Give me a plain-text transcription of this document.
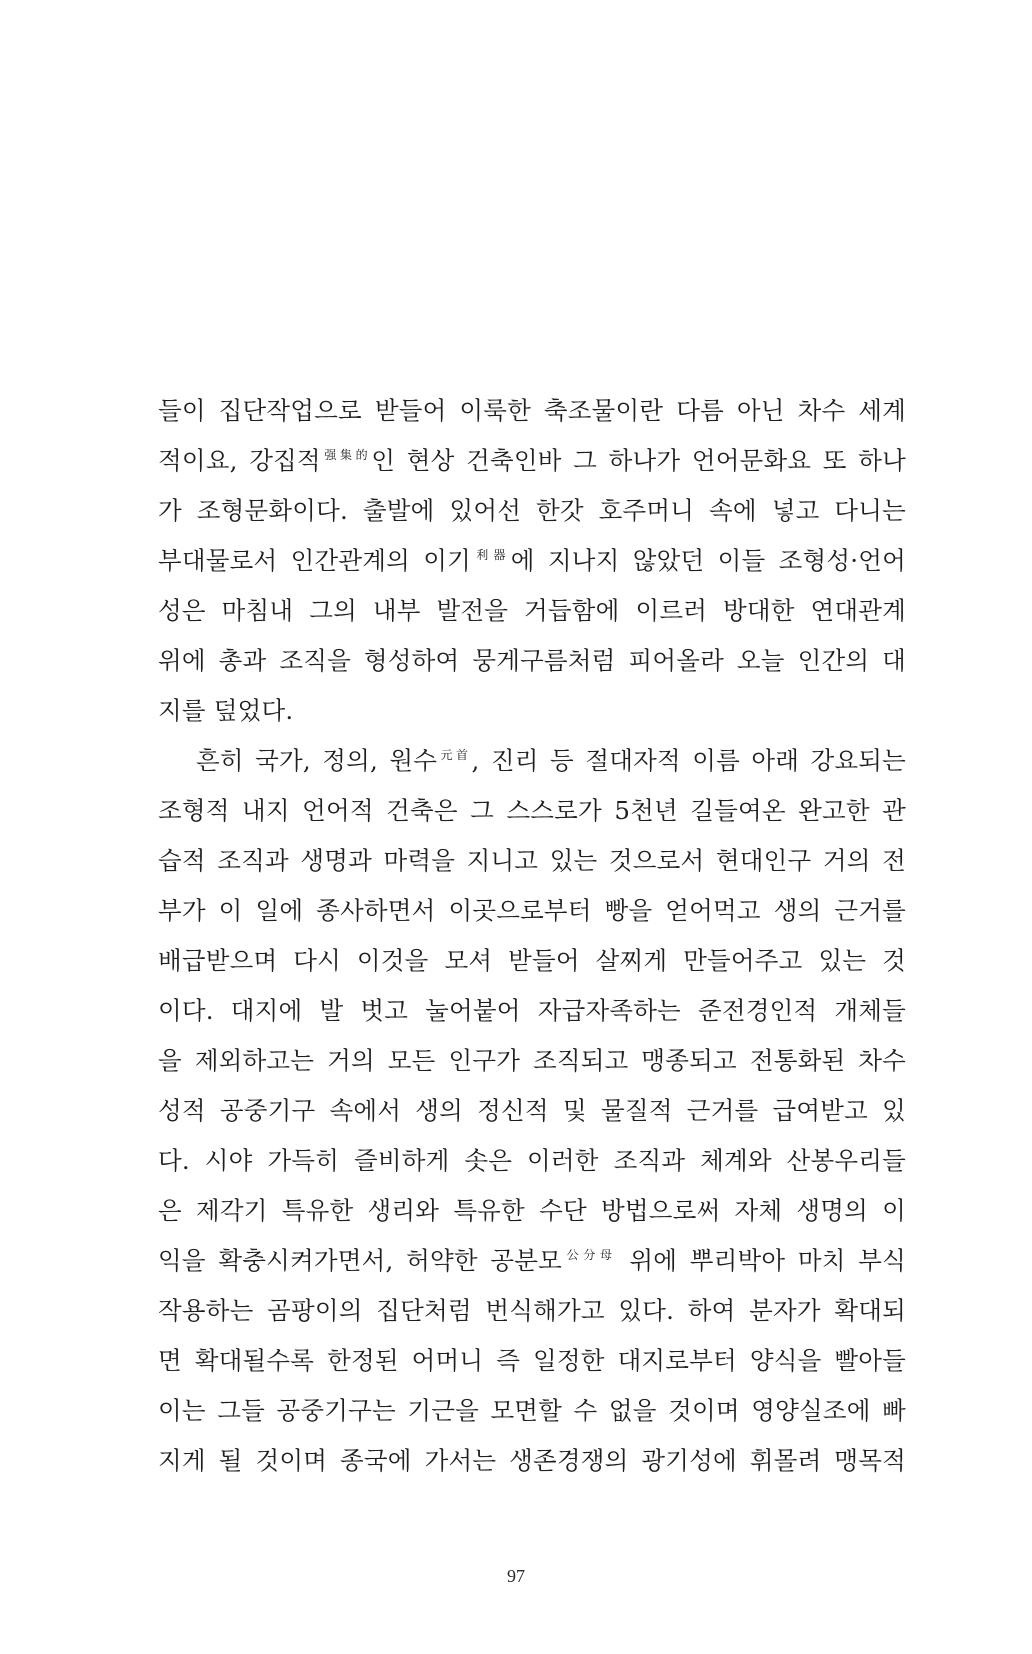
들이 집단작업으로 받들어 이룩한 축조물이란 다름 아닌 차수 세계
적이요, 강집적$^{强集的}$인 현상 건축인바 그 하나가 언어문화요 또 하나
가 조형문화이다. 출발에 있어선 한갓 호주머니 속에 넣고 다니는
부대물로서 인간관계의 이기$^{利器}$에 지나지 않았던 이들 조형성·언어
성은 마침내 그의 내부 발전을 거듭함에 이르러 방대한 연대관계
위에 총과 조직을 형성하여 뭉게구름처럼 피어올라 오늘 인간의 대
지를 덮었다.
흔히 국가, 정의, 원수$^{元首}$, 진리 등 절대자적 이름 아래 강요되는
조형적 내지 언어적 건축은 그 스스로가 5천년 길들여온 완고한 관
습적 조직과 생명과 마력을 지니고 있는 것으로서 현대인구 거의 전
부가 이 일에 종사하면서 이곳으로부터 빵을 얻어먹고 생의 근거를
배급받으며 다시 이것을 모셔 받들어 살찌게 만들어주고 있는 것
이다. 대지에 발 벗고 눌어붙어 자급자족하는 준전경인적 개체들
을 제외하고는 거의 모든 인구가 조직되고 맹종되고 전통화된 차수
성적 공중기구 속에서 생의 정신적 및 물질적 근거를 급여받고 있
다. 시야 가득히 즐비하게 솟은 이러한 조직과 체계와 산봉우리들
은 제각기 특유한 생리와 특유한 수단 방법으로써 자체 생명의 이
익을 확충시켜가면서, 허약한 공분모$^{公分母}$ 위에 뿌리박아 마치 부식
작용하는 곰팡이의 집단처럼 번식해가고 있다. 하여 분자가 확대되
면 확대될수록 한정된 어머니 즉 일정한 대지로부터 양식을 빨아들
이는 그들 공중기구는 기근을 모면할 수 없을 것이며 영양실조에 빠
지게 될 것이며 종국에 가서는 생존경쟁의 광기성에 휘몰려 맹목적
97
